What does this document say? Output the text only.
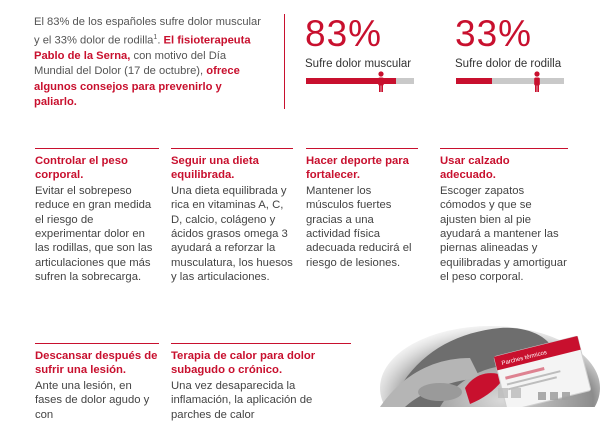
El 83% de los españoles sufre dolor muscular y el 33% dolor de rodilla$^1$. El fisioterapeuta Pablo de la Serna, con motivo del Día Mundial del Dolor (17 de octubre), ofrece algunos consejos para prevenirlo y paliarlo.
83%
Sufre dolor muscular
33%
Sufre dolor de rodilla
Controlar el peso corporal.
Evitar el sobrepeso reduce en gran medida el riesgo de experimentar dolor en las rodillas, que son las articulaciones que más sufren la sobrecarga.
Seguir una dieta equilibrada.
Una dieta equilibrada y rica en vitaminas A, C, D, calcio, colágeno y ácidos grasos omega 3 ayudará a reforzar la musculatura, los huesos y las articulaciones.
Hacer deporte para fortalecer.
Mantener los músculos fuertes gracias a una actividad física adecuada reducirá el riesgo de lesiones.
Usar calzado adecuado.
Escoger zapatos cómodos y que se ajusten bien al pie ayudará a mantener las piernas alineadas y equilibradas y amortiguar el peso corporal.
Descansar después de sufrir una lesión.
Ante una lesión, en fases de dolor agudo y con
Terapia de calor para dolor subagudo o crónico.
Una vez desaparecida la inflamación, la aplicación de parches de calor
Parches térmicos
